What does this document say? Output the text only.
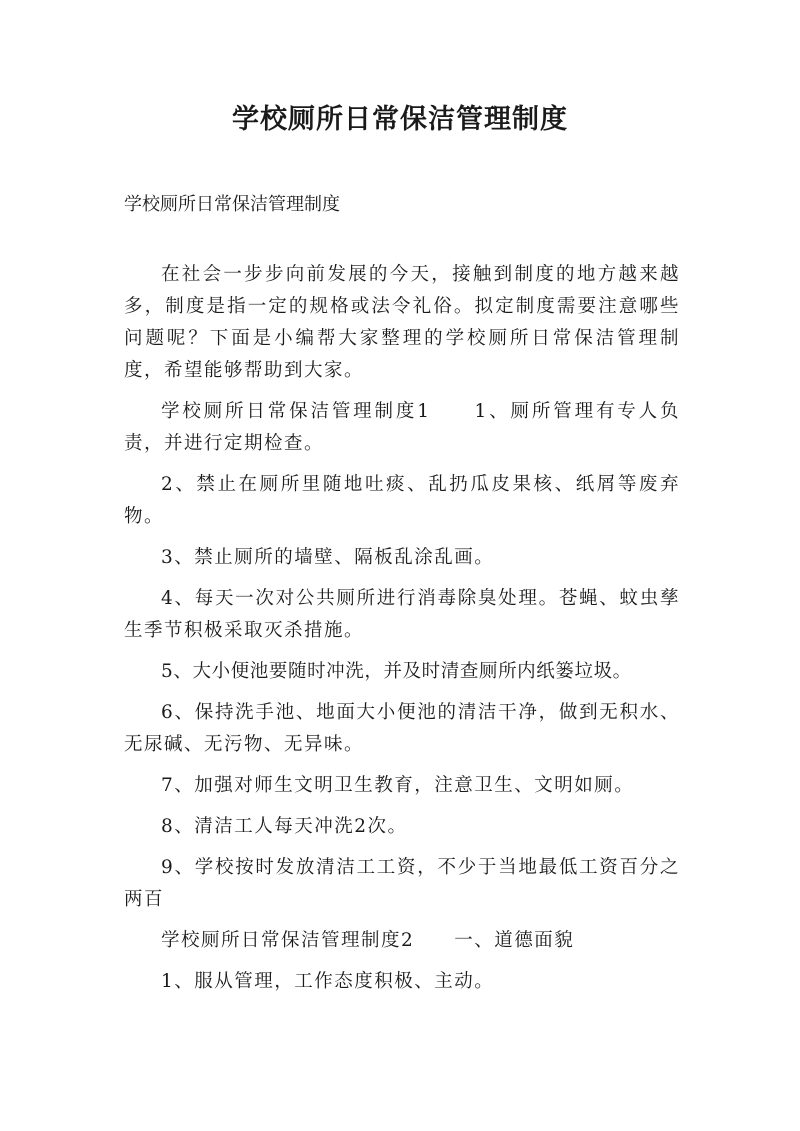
学校厕所日常保洁管理制度
学校厕所日常保洁管理制度

在社会一步步向前发展的今天，接触到制度的地方越来越多，制度是指一定的规格或法令礼俗。拟定制度需要注意哪些问题呢？下面是小编帮大家整理的学校厕所日常保洁管理制度，希望能够帮助到大家。

学校厕所日常保洁管理制度1　　1、厕所管理有专人负责，并进行定期检查。

2、禁止在厕所里随地吐痰、乱扔瓜皮果核、纸屑等废弃物。

3、禁止厕所的墙壁、隔板乱涂乱画。

4、每天一次对公共厕所进行消毒除臭处理。苍蝇、蚊虫孳生季节积极采取灭杀措施。

5、大小便池要随时冲洗，并及时清查厕所内纸篓垃圾。

6、保持洗手池、地面大小便池的清洁干净，做到无积水、无尿碱、无污物、无异味。

7、加强对师生文明卫生教育，注意卫生、文明如厕。

8、清洁工人每天冲洗2次。

9、学校按时发放清洁工工资，不少于当地最低工资百分之两百

学校厕所日常保洁管理制度2　　一、道德面貌

1、服从管理，工作态度积极、主动。
